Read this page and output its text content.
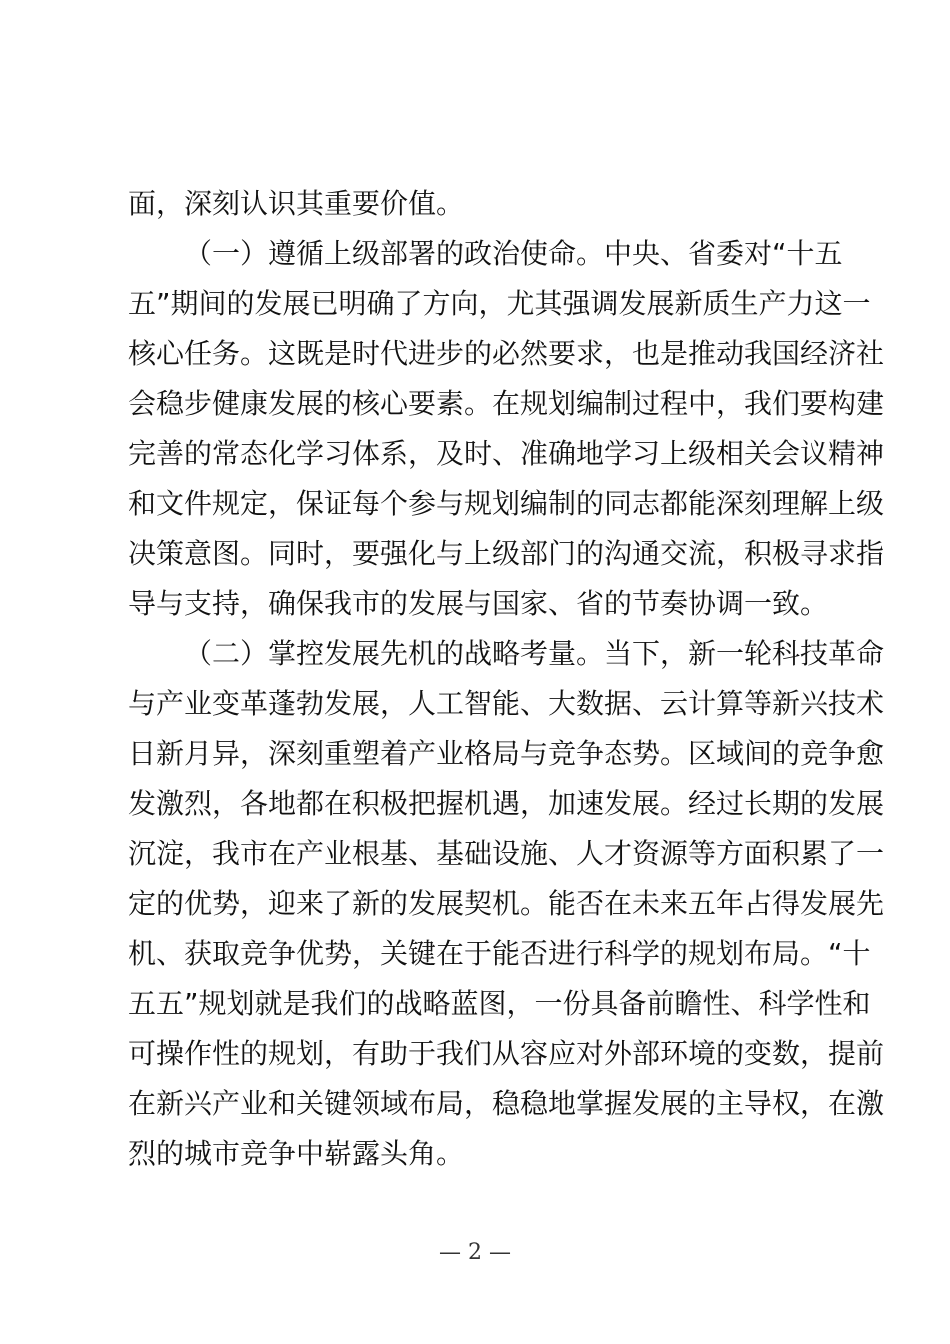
面，深刻认识其重要价值。
（一）遵循上级部署的政治使命。中央、省委对“十五
五”期间的发展已明确了方向，尤其强调发展新质生产力这一
核心任务。这既是时代进步的必然要求，也是推动我国经济社
会稳步健康发展的核心要素。在规划编制过程中，我们要构建
完善的常态化学习体系，及时、准确地学习上级相关会议精神
和文件规定，保证每个参与规划编制的同志都能深刻理解上级
决策意图。同时，要强化与上级部门的沟通交流，积极寻求指
导与支持，确保我市的发展与国家、省的节奏协调一致。
（二）掌控发展先机的战略考量。当下，新一轮科技革命
与产业变革蓬勃发展，人工智能、大数据、云计算等新兴技术
日新月异，深刻重塑着产业格局与竞争态势。区域间的竞争愈
发激烈，各地都在积极把握机遇，加速发展。经过长期的发展
沉淀，我市在产业根基、基础设施、人才资源等方面积累了一
定的优势，迎来了新的发展契机。能否在未来五年占得发展先
机、获取竞争优势，关键在于能否进行科学的规划布局。“十
五五”规划就是我们的战略蓝图，一份具备前瞻性、科学性和
可操作性的规划，有助于我们从容应对外部环境的变数，提前
在新兴产业和关键领域布局，稳稳地掌握发展的主导权，在激
烈的城市竞争中崭露头角。
— 2 —
